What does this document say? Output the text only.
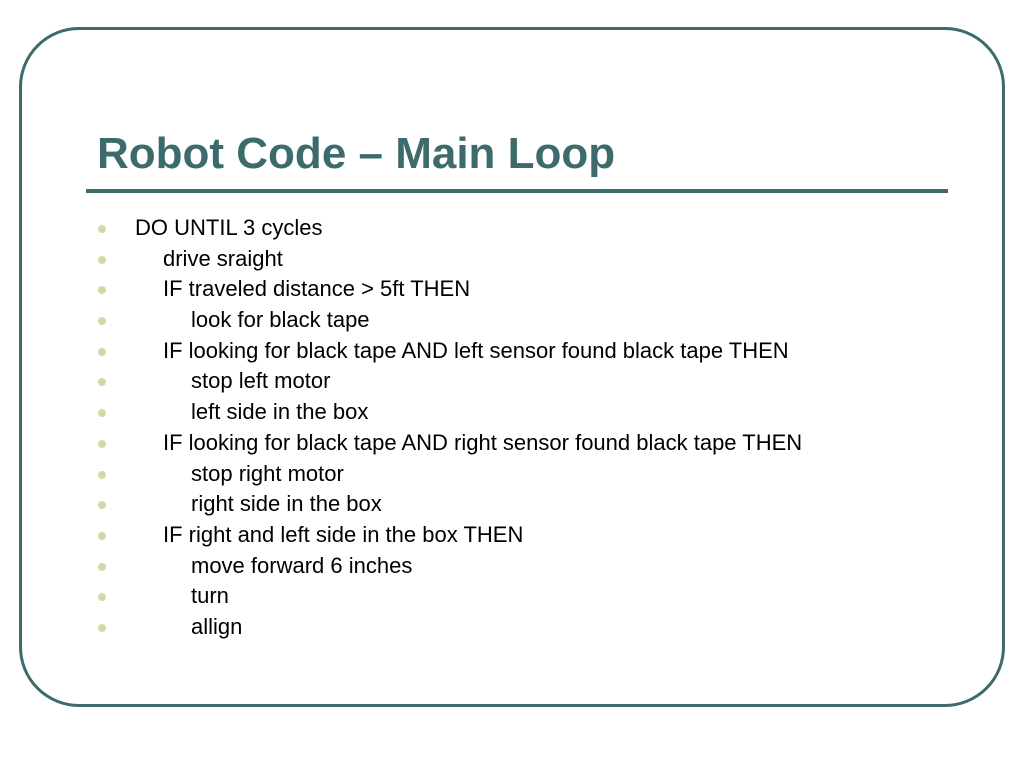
Robot Code – Main Loop
DO UNTIL 3 cycles
drive sraight
IF traveled distance > 5ft THEN
look for black tape
IF looking for black tape AND left sensor found black tape THEN
stop left motor
left side in the box
IF looking for black tape AND right sensor found black tape THEN
stop right motor
right side in the box
IF right and left side in the box THEN
move forward 6 inches
turn
allign
